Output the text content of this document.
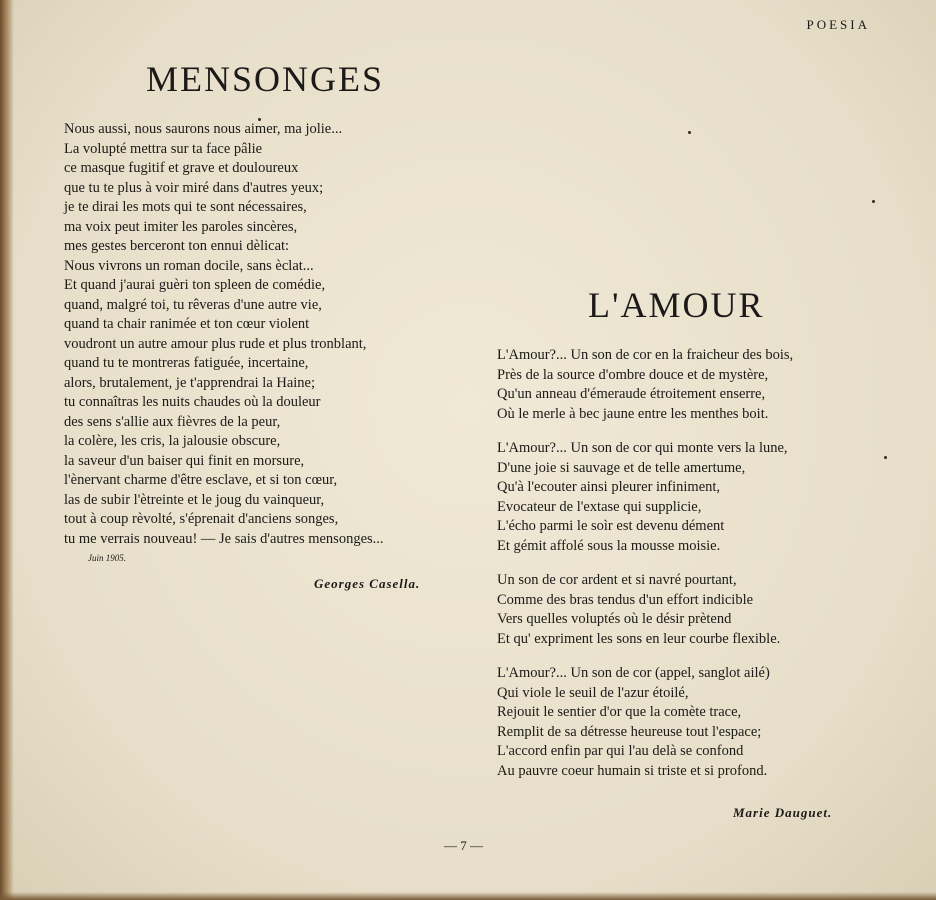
POESIA
MENSONGES
Nous aussi, nous saurons nous aimer, ma jolie...
La volupté mettra sur ta face pâlie
ce masque fugitif et grave et douloureux
que tu te plus à voir miré dans d'autres yeux;
je te dirai les mots qui te sont nécessaires,
ma voix peut imiter les paroles sincères,
mes gestes berceront ton ennui dèlicat:
Nous vivrons un roman docile, sans èclat...
Et quand j'aurai guèri ton spleen de comédie,
quand, malgré toi, tu rêveras d'une autre vie,
quand ta chair ranimée et ton cœur violent
voudront un autre amour plus rude et plus tronblant,
quand tu te montreras fatiguée, incertaine,
alors, brutalement, je t'apprendrai la Haine;
tu connaîtras les nuits chaudes où la douleur
des sens s'allie aux fièvres de la peur,
la colère, les cris, la jalousie obscure,
la saveur d'un baiser qui finit en morsure,
l'ènervant charme d'être esclave, et si ton cœur,
las de subir l'ètreinte et le joug du vainqueur,
tout à coup rèvolté, s'éprenait d'anciens songes,
tu me verrais nouveau! — Je sais d'autres mensonges...
Juin 1905.
Georges Casella.
L'AMOUR
L'Amour?... Un son de cor en la fraicheur des bois,
Près de la source d'ombre douce et de mystère,
Qu'un anneau d'émeraude étroitement enserre,
Où le merle à bec jaune entre les menthes boit.
L'Amour?... Un son de cor qui monte vers la lune,
D'une joie si sauvage et de telle amertume,
Qu'à l'ecouter ainsi pleurer infiniment,
Evocateur de l'extase qui supplicie,
L'écho parmi le soìr est devenu dément
Et gémit affolé sous la mousse moisie.
Un son de cor ardent et si navré pourtant,
Comme des bras tendus d'un effort indicible
Vers quelles voluptés où le désir prètend
Et qu' expriment les sons en leur courbe flexible.
L'Amour?... Un son de cor (appel, sanglot ailé)
Qui viole le seuil de l'azur étoilé,
Rejouit le sentier d'or que la comète trace,
Remplit de sa détresse heureuse tout l'espace;
L'accord enfin par qui l'au delà se confond
Au pauvre coeur humain si triste et si profond.
Marie Dauguet.
— 7 —
